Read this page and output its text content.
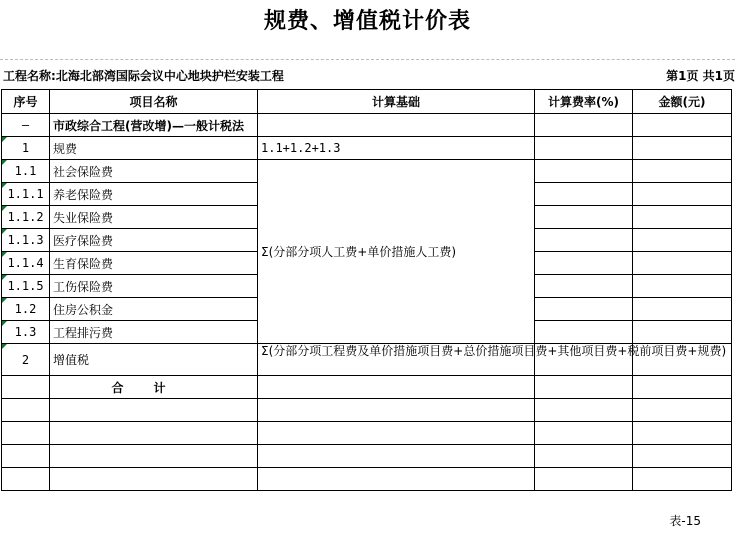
规费、增值税计价表
工程名称:北海北部湾国际会议中心地块护栏安装工程	第1页 共1页
序号	项目名称	计算基础	计算费率(%)	金额(元)
—	市政综合工程(营改增)—一般计税法			

1	规费	1.1+1.2+1.3		

1.1	社会保险费	Σ(分部分项人工费+单价措施人工费)		

1.1.1	养老保险费			

1.1.2	失业保险费			

1.1.3	医疗保险费			

1.1.4	生育保险费			

1.1.5	工伤保险费			

1.2	住房公积金			

1.3	工程排污费			

2	增值税	Σ(分部分项工程费及单价措施项目费+总价措施项目费+其他项目费+税前项目费+规费)		
	合计			

表-15
